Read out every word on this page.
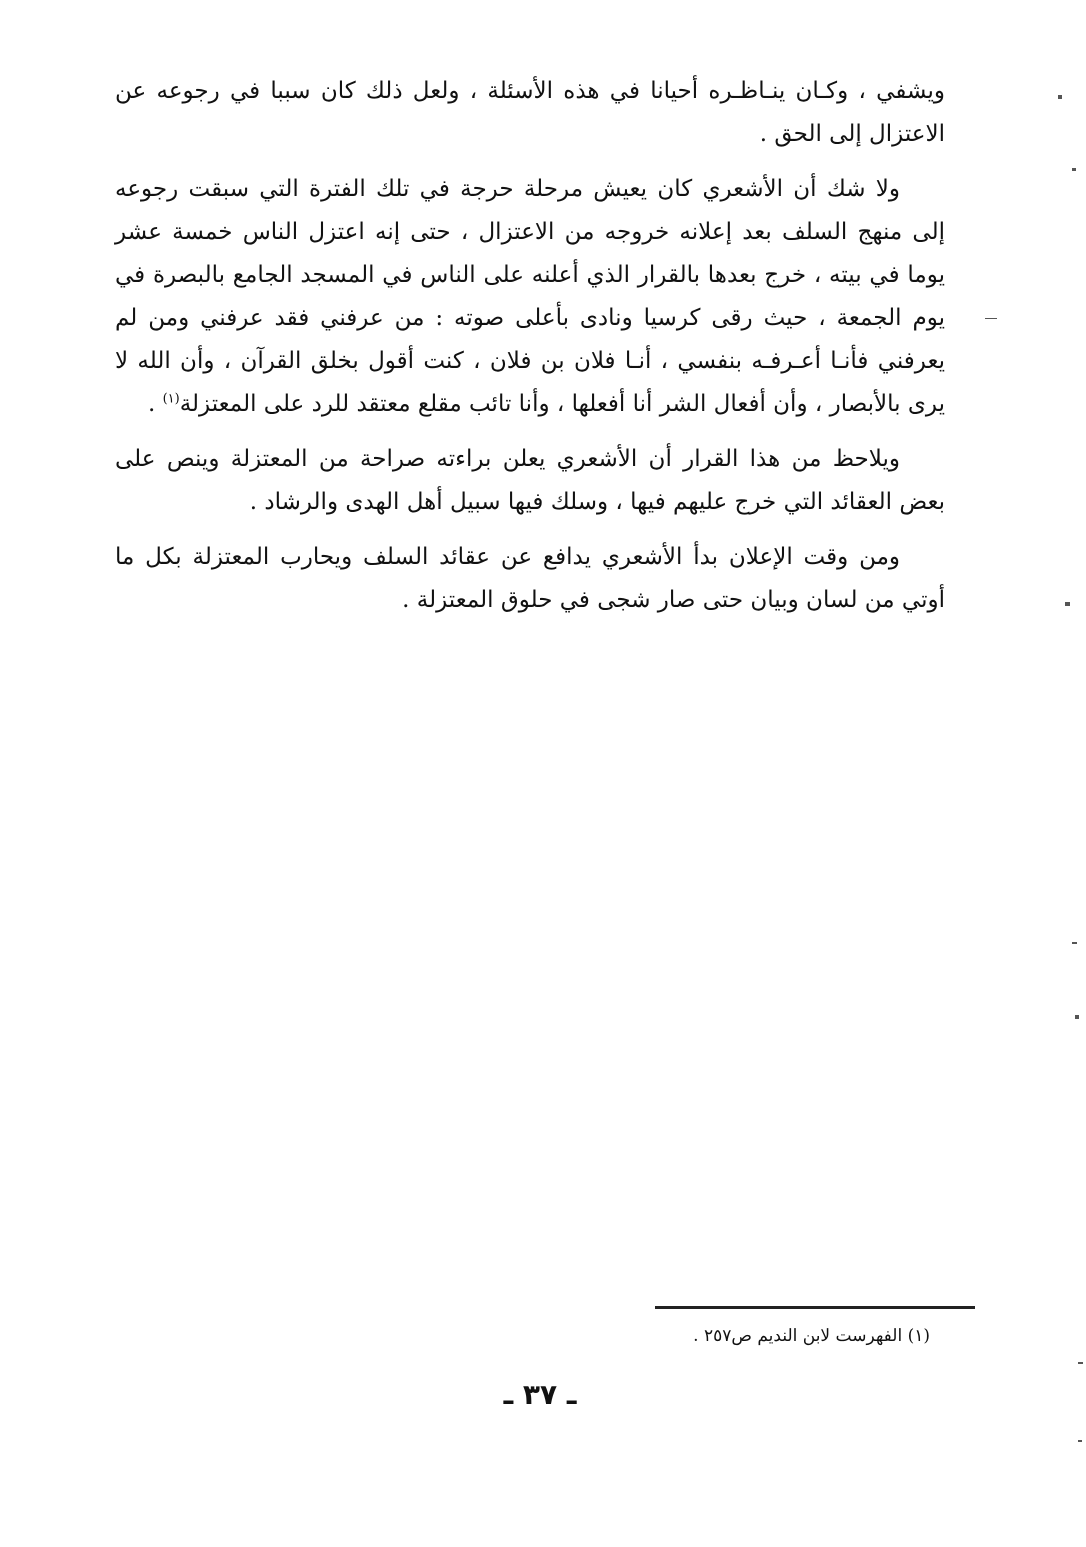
ويشفي ، وكـان ينـاظـره أحيانا في هذه الأسئلة ، ولعل ذلك كان سببا في رجوعه عن الاعتزال إلى الحق .

ولا شك أن الأشعري كان يعيش مرحلة حرجة في تلك الفترة التي سبقت رجوعه إلى منهج السلف بعد إعلانه خروجه من الاعتزال ، حتى إنه اعتزل الناس خمسة عشر يوما في بيته ، خرج بعدها بالقرار الذي أعلنه على الناس في المسجد الجامع بالبصرة في يوم الجمعة ، حيث رقى كرسيا ونادى بأعلى صوته : من عرفني فقد عرفني ومن لم يعرفني فأنـا أعـرفـه بنفسي ، أنـا فلان بن فلان ، كنت أقول بخلق القرآن ، وأن الله لا يرى بالأبصار ، وأن أفعال الشر أنا أفعلها ، وأنا تائب مقلع معتقد للرد على المعتزلة$^{(١)}$ .

ويلاحظ من هذا القرار أن الأشعري يعلن براءته صراحة من المعتزلة وينص على بعض العقائد التي خرج عليهم فيها ، وسلك فيها سبيل أهل الهدى والرشاد .

ومن وقت الإعلان بدأ الأشعري يدافع عن عقائد السلف ويحارب المعتزلة بكل ما أوتي من لسان وبيان حتى صار شجى في حلوق المعتزلة .

(١) الفهرست لابن النديم ص٢٥٧ .
ـ ٣٧ ـ
